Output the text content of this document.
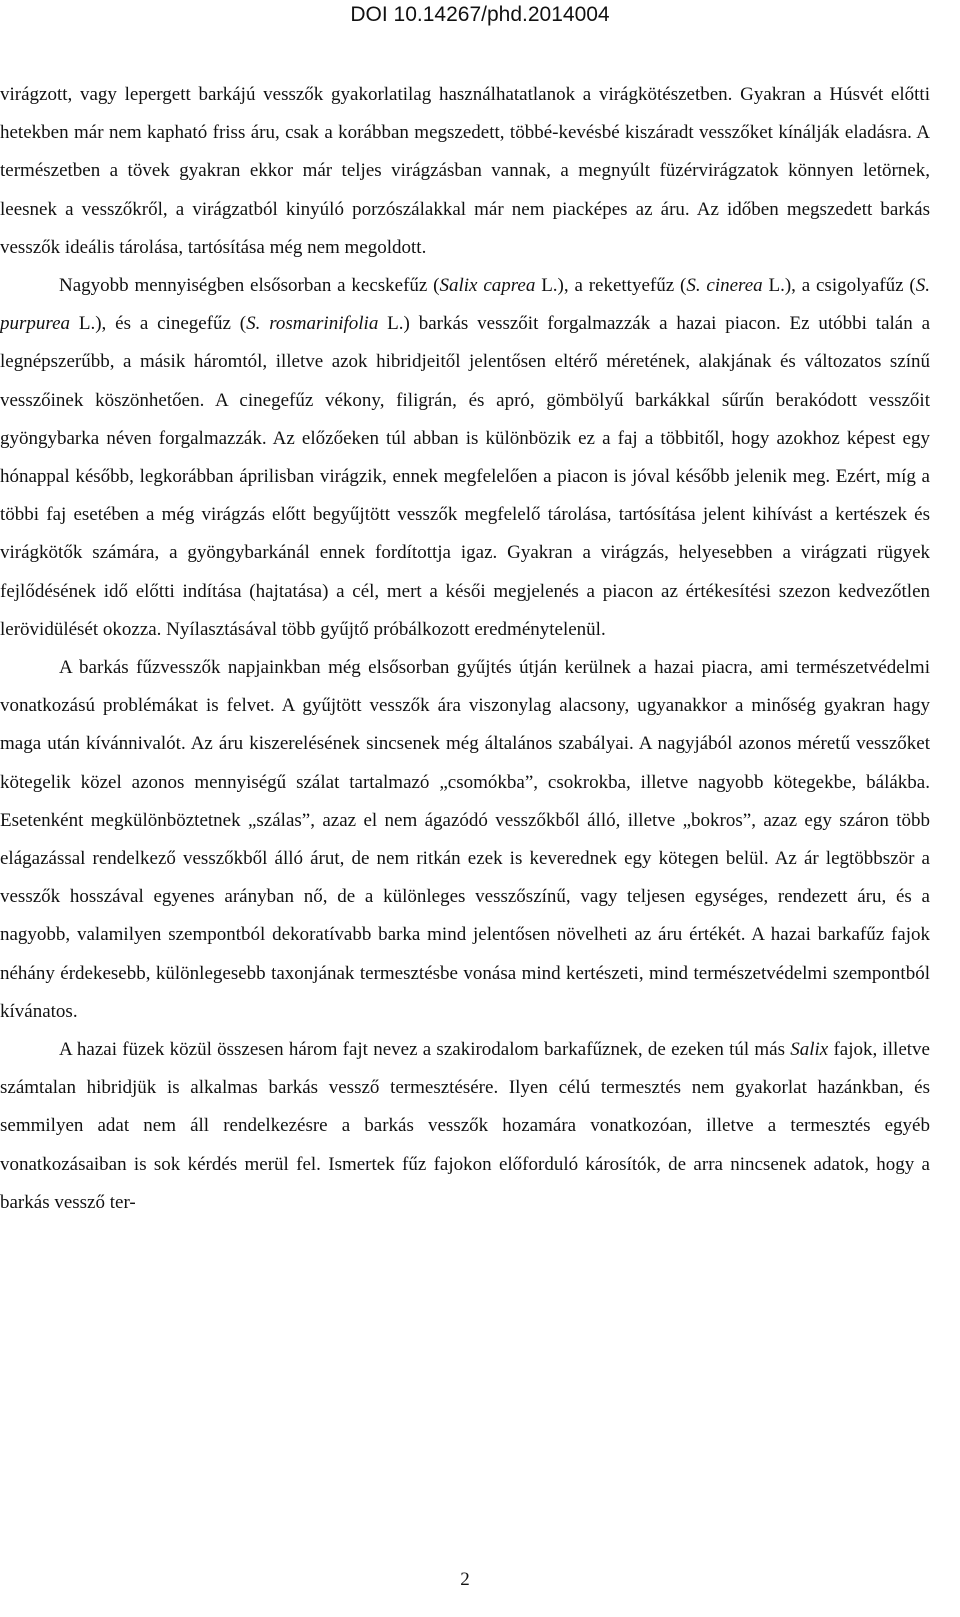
DOI 10.14267/phd.2014004

virágzott, vagy lepergett barkájú vesszők gyakorlatilag használhatatlanok a virágkötészetben. Gyakran a Húsvét előtti hetekben már nem kapható friss áru, csak a korábban megszedett, többé-kevésbé kiszáradt vesszőket kínálják eladásra. A természetben a tövek gyakran ekkor már teljes virágzásban vannak, a megnyúlt füzérvirágzatok könnyen letörnek, leesnek a vesszőkről, a virágzatból kinyúló porzószálakkal már nem piacképes az áru. Az időben megszedett barkás vesszők ideális tárolása, tartósítása még nem megoldott.

Nagyobb mennyiségben elsősorban a kecskefűz (Salix caprea L.), a rekettyefűz (S. cinerea L.), a csigolyafűz (S. purpurea L.), és a cinegefűz (S. rosmarinifolia L.) barkás vesszőit forgalmazzák a hazai piacon. Ez utóbbi talán a legnépszerűbb, a másik háromtól, illetve azok hibridjeitől jelentősen eltérő méretének, alakjának és változatos színű vesszőinek köszönhetően. A cinegefűz vékony, filigrán, és apró, gömbölyű barkákkal sűrűn berakódott vesszőit gyöngybarka néven forgalmazzák. Az előzőeken túl abban is különbözik ez a faj a többitől, hogy azokhoz képest egy hónappal később, legkorábban áprilisban virágzik, ennek megfelelően a piacon is jóval később jelenik meg. Ezért, míg a többi faj esetében a még virágzás előtt begyűjtött vesszők megfelelő tárolása, tartósítása jelent kihívást a kertészek és virágkötők számára, a gyöngybarkánál ennek fordítottja igaz. Gyakran a virágzás, helyesebben a virágzati rügyek fejlődésének idő előtti indítása (hajtatása) a cél, mert a késői megjelenés a piacon az értékesítési szezon kedvezőtlen lerövidülését okozza. Nyílasztásával több gyűjtő próbálkozott eredménytelenül.

A barkás fűzvesszők napjainkban még elsősorban gyűjtés útján kerülnek a hazai piacra, ami természetvédelmi vonatkozású problémákat is felvet. A gyűjtött vesszők ára viszonylag alacsony, ugyanakkor a minőség gyakran hagy maga után kívánnivalót. Az áru kiszerelésének sincsenek még általános szabályai. A nagyjából azonos méretű vesszőket kötegelik közel azonos mennyiségű szálat tartalmazó „csomókba”, csokrokba, illetve nagyobb kötegekbe, bálákba. Esetenként megkülönböztetnek „szálas”, azaz el nem ágazódó vesszőkből álló, illetve „bokros”, azaz egy száron több elágazással rendelkező vesszőkből álló árut, de nem ritkán ezek is keverednek egy kötegen belül. Az ár legtöbbször a vesszők hosszával egyenes arányban nő, de a különleges vesszőszínű, vagy teljesen egységes, rendezett áru, és a nagyobb, valamilyen szempontból dekoratívabb barka mind jelentősen növelheti az áru értékét. A hazai barkafűz fajok néhány érdekesebb, különlegesebb taxonjának termesztésbe vonása mind kertészeti, mind természetvédelmi szempontból kívánatos.

A hazai füzek közül összesen három fajt nevez a szakirodalom barkafűznek, de ezeken túl más Salix fajok, illetve számtalan hibridjük is alkalmas barkás vessző termesztésére. Ilyen célú termesztés nem gyakorlat hazánkban, és semmilyen adat nem áll rendelkezésre a barkás vesszők hozamára vonatkozóan, illetve a termesztés egyéb vonatkozásaiban is sok kérdés merül fel. Ismertek fűz fajokon előforduló károsítók, de arra nincsenek adatok, hogy a barkás vessző ter-

2
